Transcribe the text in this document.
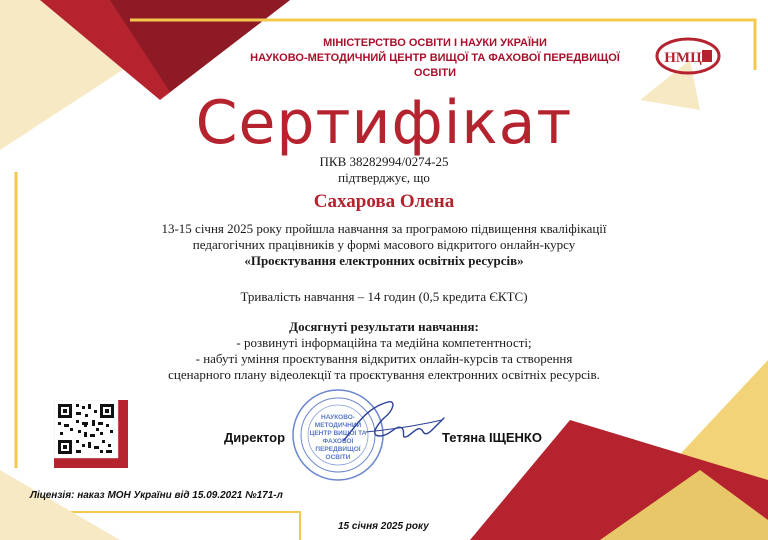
МІНІСТЕРСТВО ОСВІТИ І НАУКИ УКРАЇНИ
НАУКОВО-МЕТОДИЧНИЙ ЦЕНТР ВИЩОЇ ТА ФАХОВОЇ ПЕРЕДВИЩОЇ ОСВІТИ
НМЦ
Сертифікат
ПКВ 38282994/0274-25
підтверджує, що
Сахарова Олена
13-15 січня 2025 року пройшла навчання за програмою підвищення кваліфікації
педагогічних працівників у формі масового відкритого онлайн-курсу
«Проєктування електронних освітніх ресурсів»
Тривалість навчання – 14 годин (0,5 кредита ЄКТС)
Досягнуті результати навчання:
- розвинуті інформаційна та медійна компетентності;
- набуті уміння проєктування відкритих онлайн-курсів та створення
сценарного плану відеолекції та проєктування електронних освітніх ресурсів.
Директор
НАУКОВО-
МЕТОДИЧНИЙ
ЦЕНТР ВИЩОЇ ТА
ФАХОВОЇ
ПЕРЕДВИЩОЇ
ОСВІТИ
Тетяна ІЩЕНКО
Ліцензія: наказ МОН України від 15.09.2021 №171-л
15 січня 2025 року
